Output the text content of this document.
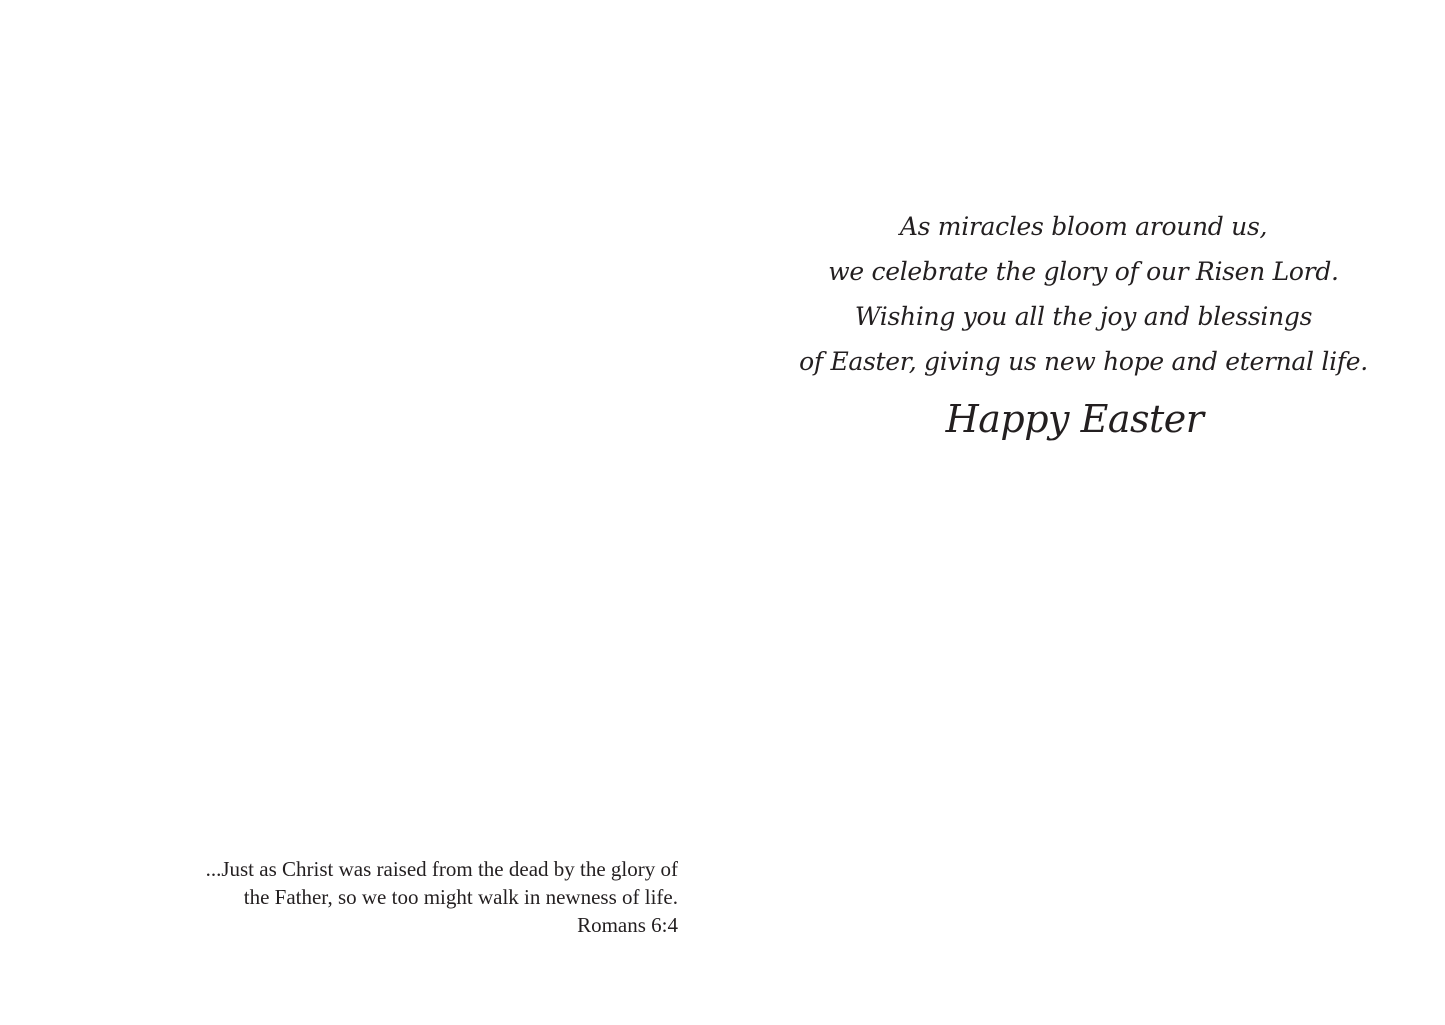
...Just as Christ was raised from the dead by the glory of
the Father, so we too might walk in newness of life.
Romans 6:4
As miracles bloom around us,
we celebrate the glory of our Risen Lord.
Wishing you all the joy and blessings
of Easter, giving us new hope and eternal life.
Happy Easter
